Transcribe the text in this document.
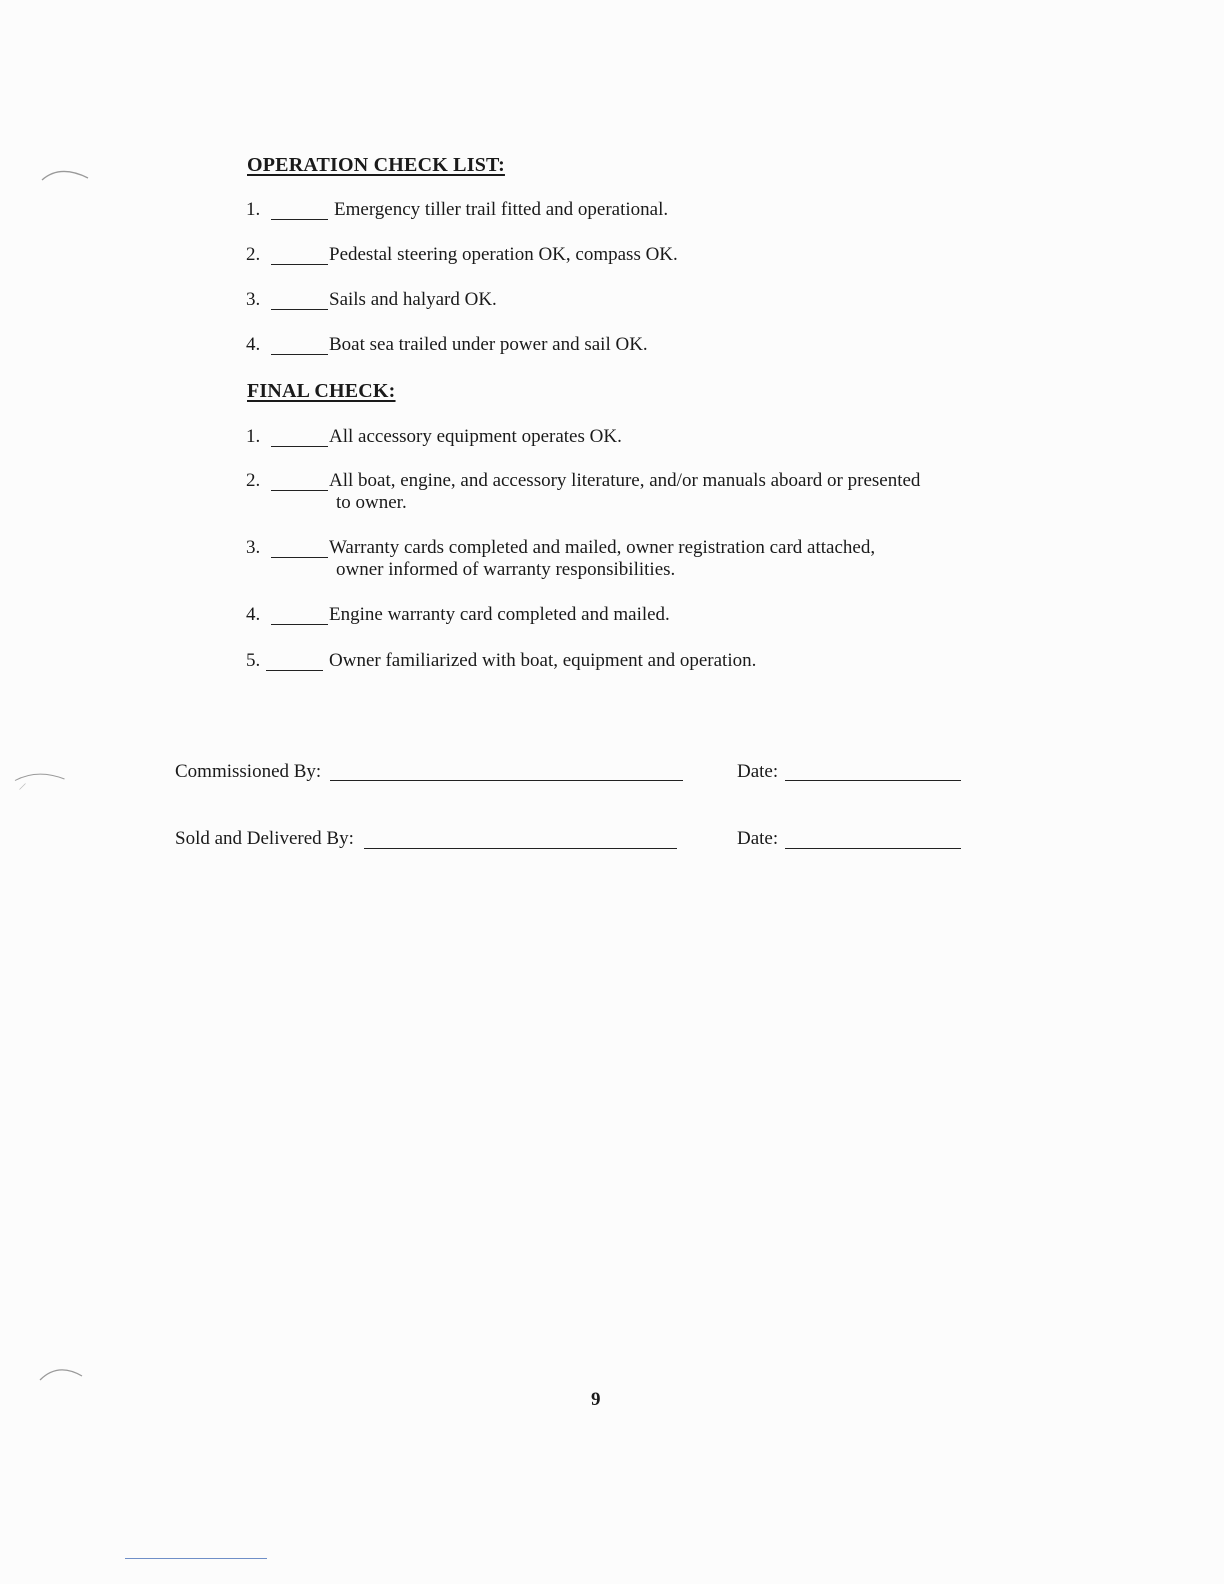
OPERATION CHECK LIST:
1.	Emergency tiller trail fitted and operational.
2.	Pedestal steering operation OK, compass OK.
3.	Sails and halyard OK.
4.	Boat sea trailed under power and sail OK.
FINAL CHECK:
1.	All accessory equipment operates OK.
2.	All boat, engine, and accessory literature, and/or manuals aboard or presented
to owner.
3.	Warranty cards completed and mailed, owner registration card attached,
owner informed of warranty responsibilities.
4.	Engine warranty card completed and mailed.
5.	Owner familiarized with boat, equipment and operation.
Commissioned By:	Date:
Sold and Delivered By:	Date:
9
